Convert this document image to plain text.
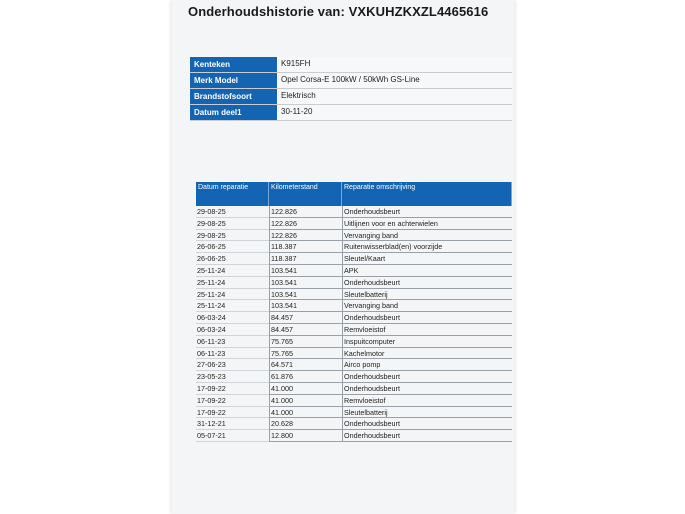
Onderhoudshistorie van: VXKUHZKXZL4465616
Kenteken	K915FH
Merk Model	Opel Corsa-E 100kW / 50kWh GS-Line
Brandstofsoort	Elektrisch
Datum deel1	30-11-20
Datum reparatie	Kilometerstand	Reparatie omschrijving
29-08-25	122.826	Onderhoudsbeurt
29-08-25	122.826	Uitlijnen voor en achterwielen
29-08-25	122.826	Vervanging band
26-06-25	118.387	Ruitenwisserblad(en) voorzijde
26-06-25	118.387	Sleutel/Kaart
25-11-24	103.541	APK
25-11-24	103.541	Onderhoudsbeurt
25-11-24	103.541	Sleutelbatterij
25-11-24	103.541	Vervanging band
06-03-24	84.457	Onderhoudsbeurt
06-03-24	84.457	Remvloeistof
06-11-23	75.765	Inspuitcomputer
06-11-23	75.765	Kachelmotor
27-06-23	64.571	Airco pomp
23-05-23	61.876	Onderhoudsbeurt
17-09-22	41.000	Onderhoudsbeurt
17-09-22	41.000	Remvloeistof
17-09-22	41.000	Sleutelbatterij
31-12-21	20.628	Onderhoudsbeurt
05-07-21	12.800	Onderhoudsbeurt
